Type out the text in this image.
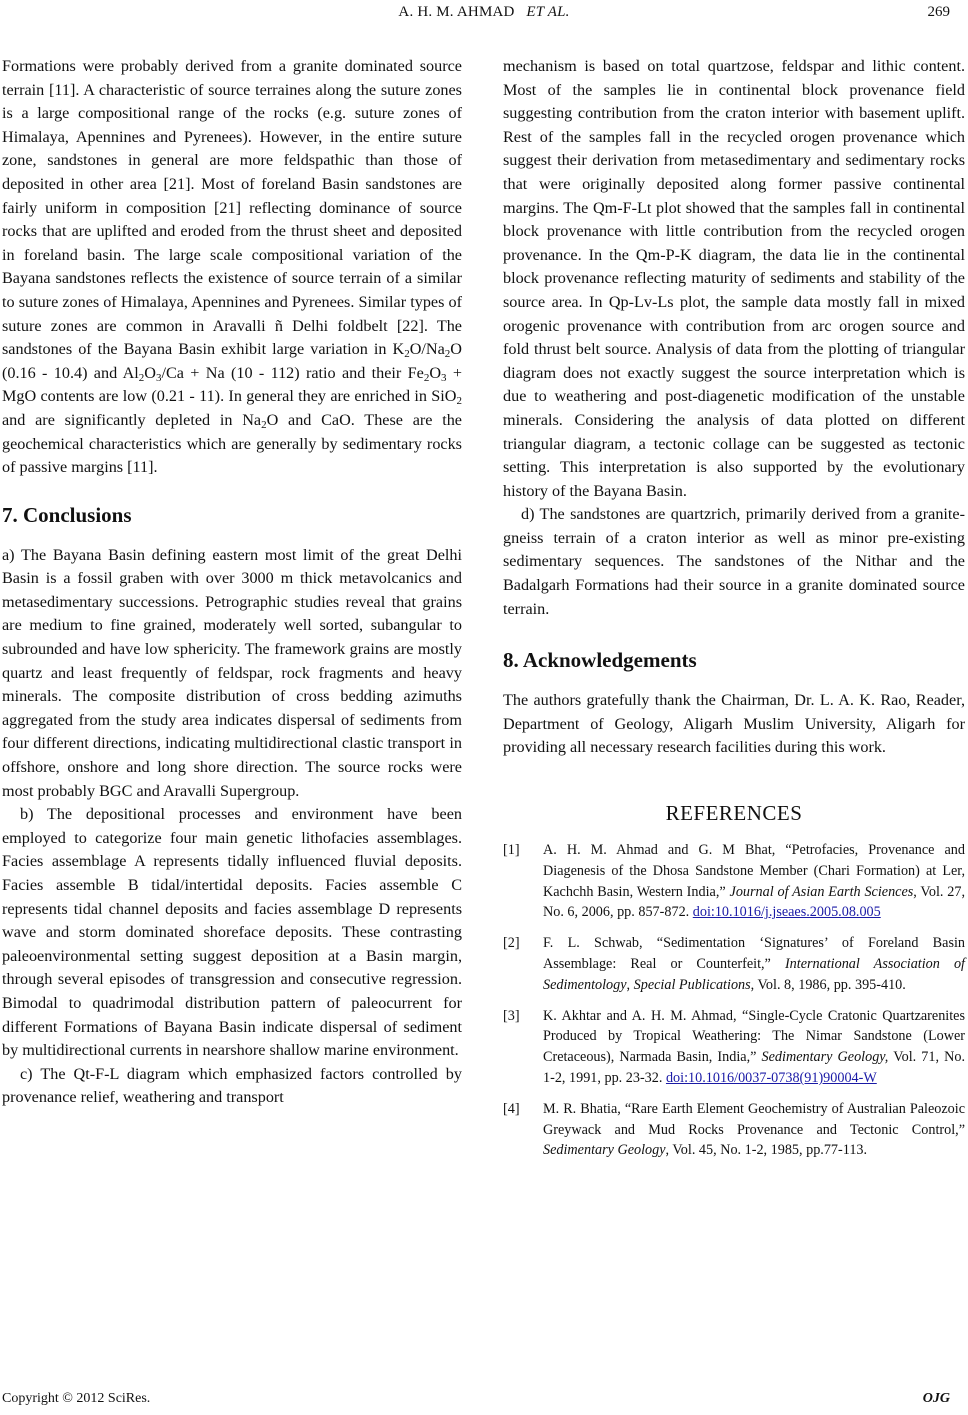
A. H. M. AHMAD ET AL.	269

Formations were probably derived from a granite dominated source terrain [11]. A characteristic of source terraines along the suture zones is a large compositional range of the rocks (e.g. suture zones of Himalaya, Apennines and Pyrenees). However, in the entire suture zone, sandstones in general are more feldspathic than those of deposited in other area [21]. Most of foreland Basin sandstones are fairly uniform in composition [21] reflecting dominance of source rocks that are uplifted and eroded from the thrust sheet and deposited in foreland basin. The large scale compositional variation of the Bayana sandstones reflects the existence of source terrain of a similar to suture zones of Himalaya, Apennines and Pyrenees. Similar types of suture zones are common in Aravalli ñ Delhi foldbelt [22]. The sandstones of the Bayana Basin exhibit large variation in $K_2O/Na_2O$ (0.16 - 10.4) and $Al_2O_3/Ca + Na$ (10 - 112) ratio and their $Fe_2O_3$ + MgO contents are low (0.21 - 11). In general they are enriched in SiO$_2$ and are significantly depleted in $Na_2O$ and CaO. These are the geochemical characteristics which are generally by sedimentary rocks of passive margins [11].

7. Conclusions

a) The Bayana Basin defining eastern most limit of the great Delhi Basin is a fossil graben with over 3000 m thick metavolcanics and metasedimentary successions. Petrographic studies reveal that grains are medium to fine grained, moderately well sorted, subangular to subrounded and have low sphericity. The framework grains are mostly quartz and least frequently of feldspar, rock fragments and heavy minerals. The composite distribution of cross bedding azimuths aggregated from the study area indicates dispersal of sediments from four different directions, indicating multidirectional clastic transport in offshore, onshore and long shore direction. The source rocks were most probably BGC and Aravalli Supergroup.

b) The depositional processes and environment have been employed to categorize four main genetic lithofacies assemblages. Facies assemblage A represents tidally influenced fluvial deposits. Facies assemble B tidal/intertidal deposits. Facies assemble C represents tidal channel deposits and facies assemblage D represents wave and storm dominated shoreface deposits. These contrasting paleoenvironmental setting suggest deposition at a Basin margin, through several episodes of transgression and consecutive regression. Bimodal to quadrimodal distribution pattern of paleocurrent for different Formations of Bayana Basin indicate dispersal of sediment by multidirectional currents in nearshore shallow marine environment.

c) The Qt-F-L diagram which emphasized factors controlled by provenance relief, weathering and transport

mechanism is based on total quartzose, feldspar and lithic content. Most of the samples lie in continental block provenance field suggesting contribution from the craton interior with basement uplift. Rest of the samples fall in the recycled orogen provenance which suggest their derivation from metasedimentary and sedimentary rocks that were originally deposited along former passive continental margins. The Qm-F-Lt plot showed that the samples fall in continental block provenance with little contribution from the recycled orogen provenance. In the Qm-P-K diagram, the data lie in the continental block provenance reflecting maturity of sediments and stability of the source area. In Qp-Lv-Ls plot, the sample data mostly fall in mixed orogenic provenance with contribution from arc orogen source and fold thrust belt source. Analysis of data from the plotting of triangular diagram does not exactly suggest the source interpretation which is due to weathering and post-diagenetic modification of the unstable minerals. Considering the analysis of data plotted on different triangular diagram, a tectonic collage can be suggested as tectonic setting. This interpretation is also supported by the evolutionary history of the Bayana Basin.

d) The sandstones are quartzrich, primarily derived from a granite-gneiss terrain of a craton interior as well as minor pre-existing sedimentary sequences. The sandstones of the Nithar and the Badalgarh Formations had their source in a granite dominated source terrain.

8. Acknowledgements

The authors gratefully thank the Chairman, Dr. L. A. K. Rao, Reader, Department of Geology, Aligarh Muslim University, Aligarh for providing all necessary research facilities during this work.

REFERENCES
[1]	A. H. M. Ahmad and G. M Bhat, “Petrofacies, Provenance and Diagenesis of the Dhosa Sandstone Member (Chari Formation) at Ler, Kachchh Basin, Western India,” Journal of Asian Earth Sciences, Vol. 27, No. 6, 2006, pp. 857-872. doi:10.1016/j.jseaes.2005.08.005
[2]	F. L. Schwab, “Sedimentation ‘Signatures’ of Foreland Basin Assemblage: Real or Counterfeit,” International Association of Sedimentology, Special Publications, Vol. 8, 1986, pp. 395-410.
[3]	K. Akhtar and A. H. M. Ahmad, “Single-Cycle Cratonic Quartzarenites Produced by Tropical Weathering: The Nimar Sandstone (Lower Cretaceous), Narmada Basin, India,” Sedimentary Geology, Vol. 71, No. 1-2, 1991, pp. 23-32. doi:10.1016/0037-0738(91)90004-W
[4]	M. R. Bhatia, “Rare Earth Element Geochemistry of Australian Paleozoic Greywack and Mud Rocks Provenance and Tectonic Control,” Sedimentary Geology, Vol. 45, No. 1-2, 1985, pp.77-113.
Copyright © 2012 SciRes.	OJG
